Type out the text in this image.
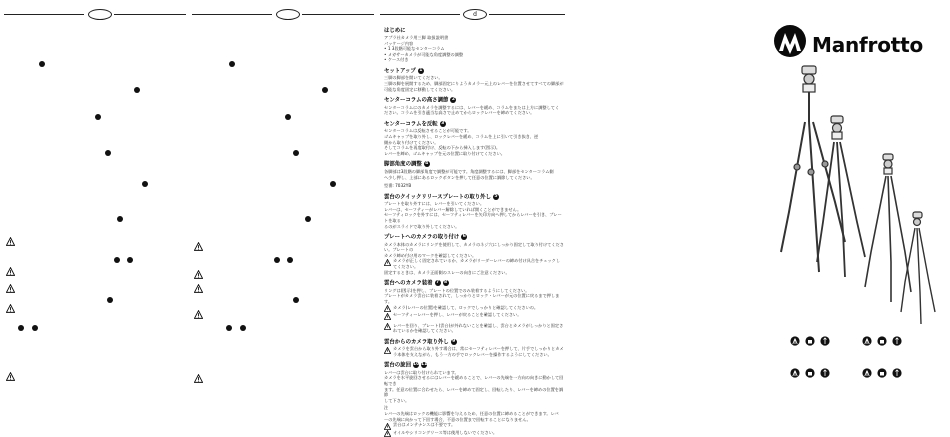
d
はじめに

アプラ社カメラ用三脚 取扱説明書

パッケージ内容

• 1 3段階可能なセンターコラム

• メガサーカメラが可能な角度調整の調整

• ケース付き

セットアップ 1

三脚の脚部を開いてください。

三脚の脚を展開するため、脚部固定にりようカメラー元上のレバーを位置させてすべての脚部が

可能な角度固定に移動してください。

センターコラムの高さ調節 2

センターコラムにのカメラを調整するには、レバーを緩め、コラムをまたは上方に調整してく

ださい。コラムを引き適当な高さで止めてからロックレバーを締めてください。

センターコラムを反転 3

センターコラムは反転させることが可能です。

ゴムキャップを取り外し、ロックレバーを緩め、コラムを上に引いて引き抜き、逆

側から取り付けてください。

そしてコラムを再度取付け、反転の下から挿入します(図示)。

レバーを締め、ゴムキャップを元の位置に取り付けてください。

脚部角度の調整 4

各脚部は3段階の脚部角度で調整が可能です。角度調整するには、脚部をセンターコラム側

へ少し押し、上部にあるロックボタンを押して任意の位置に調節してください。

型番: 7032YB

雲台のクイックリリースプレートの取り外し 5

プレートを取り外すには、レバーを引いてください。

レバーは、セーフティーがレバー解除していれば開くことができません。

セーフティロックを外すには、セーフティレバーを矢印方向へ押してからレバーを引き、プレートを取る

るのがスライドで取り外してください。

プレートへのカメラの取り付け 6

カメラ本体のカメラにリングを使用して、カメラのネジ穴にしっかり固定して取り付けてください。プレートの

カメラ締め付け用のマークを確認してください。

カメラが正しく固定されているか、カメラがリーダーレバーの締め付け具合をチェックしてください。

固定するときは、カメラ正面側のスレーの向きにご注意ください。

雲台へのカメラ装着 7 8

リングは(図示)を押し、プレートの位置でのみ装着するようにしてください。

プレートがカメラ雲台に装着されて、しっかりとロック・レバーが元の位置に戻るまで押します。

カメラ(レバーの位置)を確認して、ロックでしっかりと確認してくださいの。
セーフティーレバーを押し、レバーが戻ることを確認してください。
レバーを回り、プレート(雲台)が外れないことを確認し、雲台とカメラがしっかりと固定されているかを確認してください。
雲台からのカメラ取り外し 9
カメラを雲台から取り外す場合は、常にセーフティレバーを押して、片手でしっかりとカメラ本体を支えながら、もう一方の手でロックレバーを操作するようにしてください。
雲台の旋回 10 11

レバーは雲台に取り付けられています。

カメラを水平旋回させるにはレバーを緩めることで、レバーの先端を一方向の向きに動かして回転でき

ます。任意の位置に合わせたら、レバーを締めて固定し、回転したり、レバーを締めの位置を調節

して下さい。

注

レバーの先端はロックの機能に影響を与えるため、任意の位置に締めることができます。レバ

ーの先端に向かって下回す場合、不意の位置まで回転することになりません。

雲台はメンテナンスは不要です。
オイルやシリコングリース等は使用しないでください。
Manfrotto
